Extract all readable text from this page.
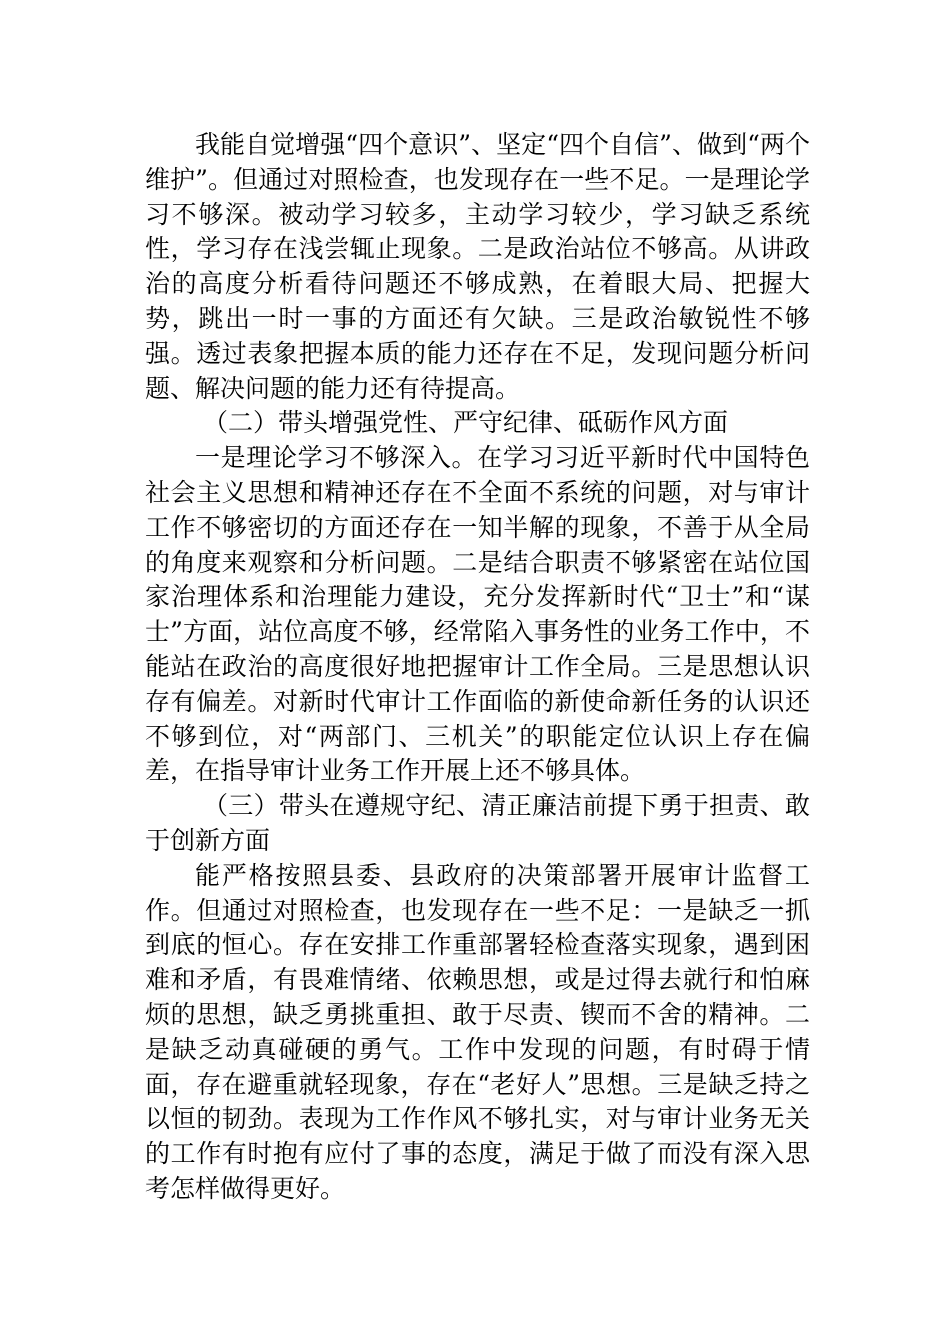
我能自觉增强“四个意识”、坚定“四个自信”、做到“两个维护”。但通过对照检查，也发现存在一些不足。一是理论学习不够深。被动学习较多，主动学习较少，学习缺乏系统性，学习存在浅尝辄止现象。二是政治站位不够高。从讲政治的高度分析看待问题还不够成熟，在着眼大局、把握大势，跳出一时一事的方面还有欠缺。三是政治敏锐性不够强。透过表象把握本质的能力还存在不足，发现问题分析问题、解决问题的能力还有待提高。

（二）带头增强党性、严守纪律、砥砺作风方面

一是理论学习不够深入。在学习习近平新时代中国特色社会主义思想和精神还存在不全面不系统的问题，对与审计工作不够密切的方面还存在一知半解的现象，不善于从全局的角度来观察和分析问题。二是结合职责不够紧密在站位国家治理体系和治理能力建设，充分发挥新时代“卫士”和“谋士”方面，站位高度不够，经常陷入事务性的业务工作中，不能站在政治的高度很好地把握审计工作全局。三是思想认识存有偏差。对新时代审计工作面临的新使命新任务的认识还不够到位，对“两部门、三机关”的职能定位认识上存在偏差，在指导审计业务工作开展上还不够具体。

（三）带头在遵规守纪、清正廉洁前提下勇于担责、敢于创新方面

能严格按照县委、县政府的决策部署开展审计监督工作。但通过对照检查，也发现存在一些不足：一是缺乏一抓到底的恒心。存在安排工作重部署轻检查落实现象，遇到困难和矛盾，有畏难情绪、依赖思想，或是过得去就行和怕麻烦的思想，缺乏勇挑重担、敢于尽责、锲而不舍的精神。二是缺乏动真碰硬的勇气。工作中发现的问题，有时碍于情面，存在避重就轻现象，存在“老好人”思想。三是缺乏持之以恒的韧劲。表现为工作作风不够扎实，对与审计业务无关的工作有时抱有应付了事的态度，满足于做了而没有深入思考怎样做得更好。
